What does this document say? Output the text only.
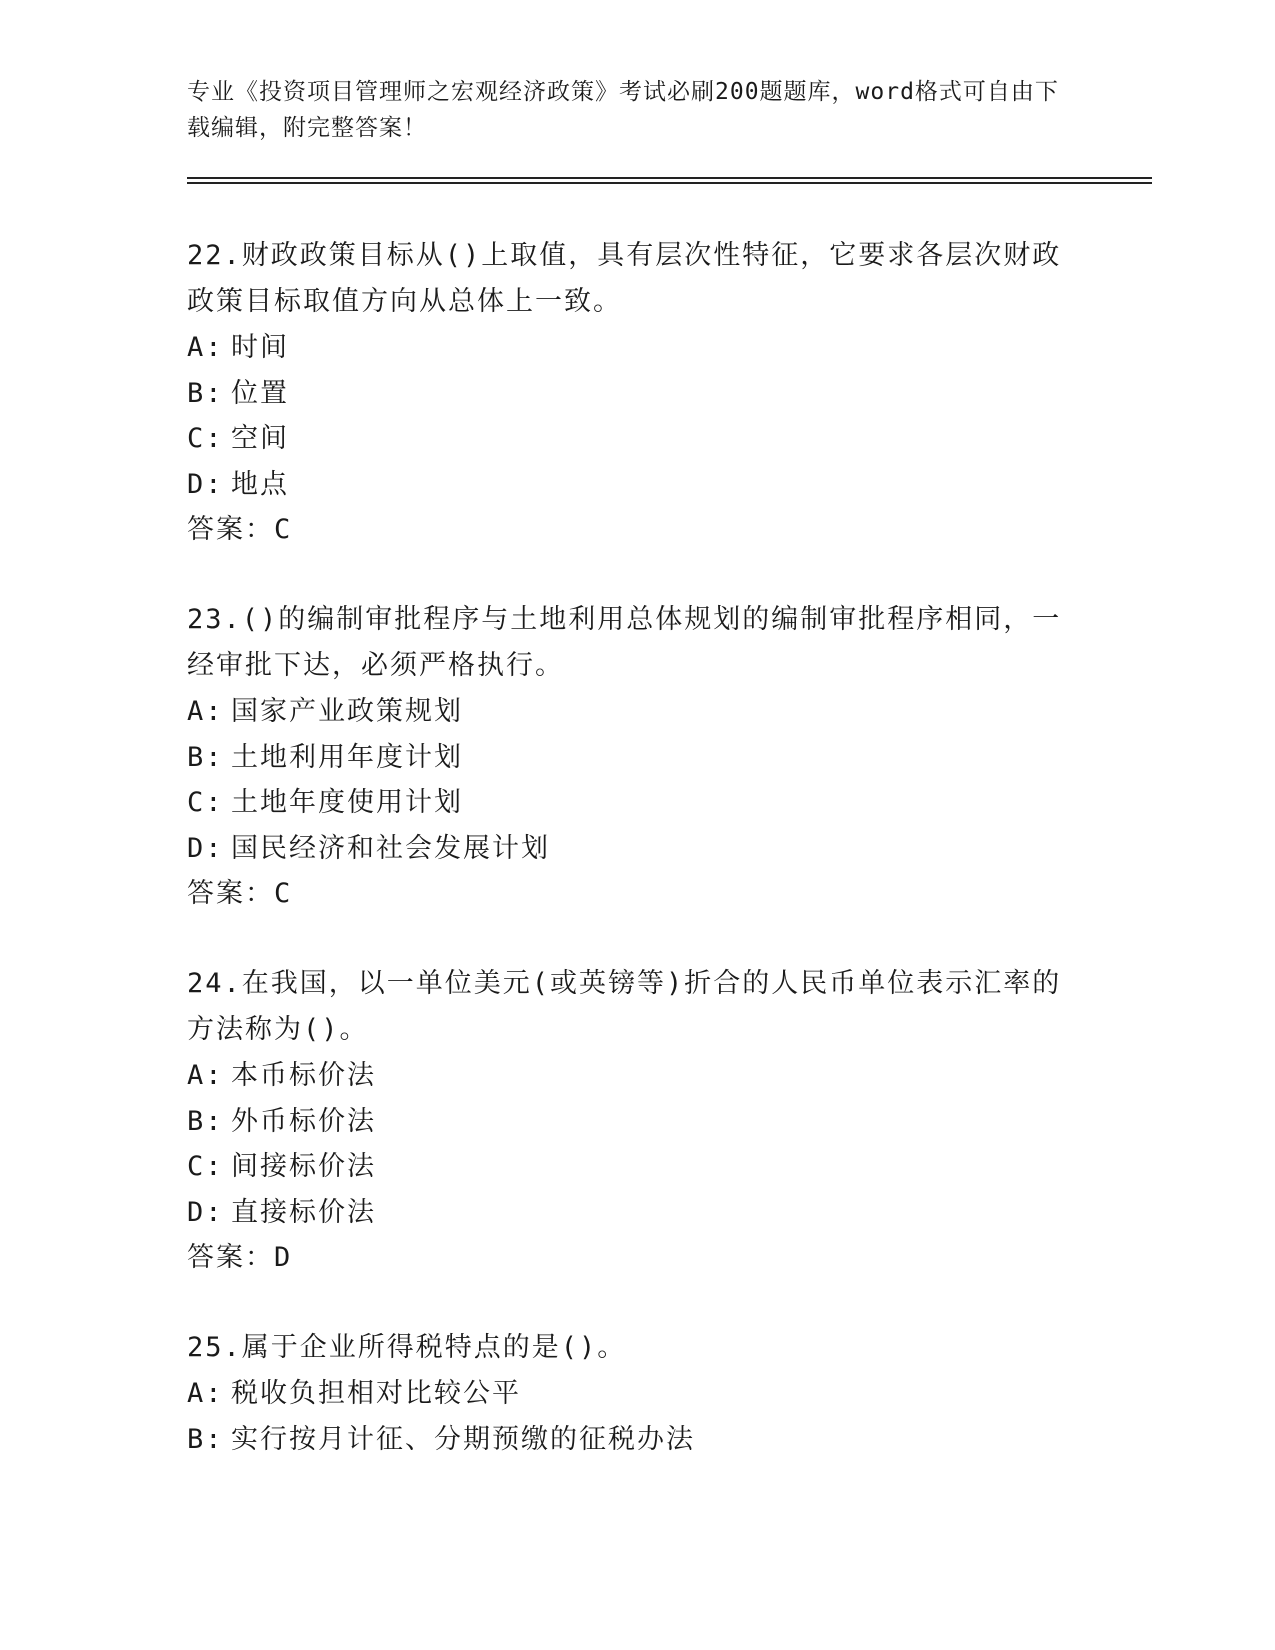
专业《投资项目管理师之宏观经济政策》考试必刷200题题库，word格式可自由下载编辑，附完整答案！

22.财政政策目标从()上取值，具有层次性特征，它要求各层次财政政策目标取值方向从总体上一致。

A: 时间
B: 位置
C: 空间
D: 地点
答案：C

23.()的编制审批程序与土地利用总体规划的编制审批程序相同，一经审批下达，必须严格执行。

A: 国家产业政策规划
B: 土地利用年度计划
C: 土地年度使用计划
D: 国民经济和社会发展计划
答案：C

24.在我国，以一单位美元(或英镑等)折合的人民币单位表示汇率的方法称为()。

A: 本币标价法
B: 外币标价法
C: 间接标价法
D: 直接标价法
答案：D

25.属于企业所得税特点的是()。

A: 税收负担相对比较公平
B: 实行按月计征、分期预缴的征税办法
